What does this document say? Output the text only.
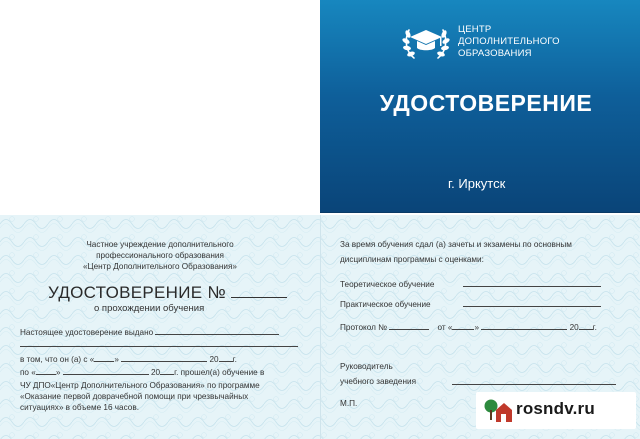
ЦЕНТР
ДОПОЛНИТЕЛЬНОГО
ОБРАЗОВАНИЯ
УДОСТОВЕРЕНИЕ
г. Иркутск
Частное учреждение дополнительного
профессионального образования
«Центр Дополнительного Образования»
УДОСТОВЕРЕНИЕ №
о прохождении обучения
Настоящее удостоверение выдано
в том, что он (а) с « »	20 г.
по « »	20 г. прошел(а) обучение в
ЧУ ДПО«Центр Дополнительного Образования» по программе
«Оказание первой доврачебной помощи при чрезвычайных
ситуациях» в объеме 16 часов.
За время обучения сдал (а) зачеты и экзамены по основным
дисциплинам программы с оценками:
Теоретическое обучение
Практическое обучение
Протокол №	от «	»	20 г.
Руководитель
учебного заведения
М.П.	rosndv.ru
